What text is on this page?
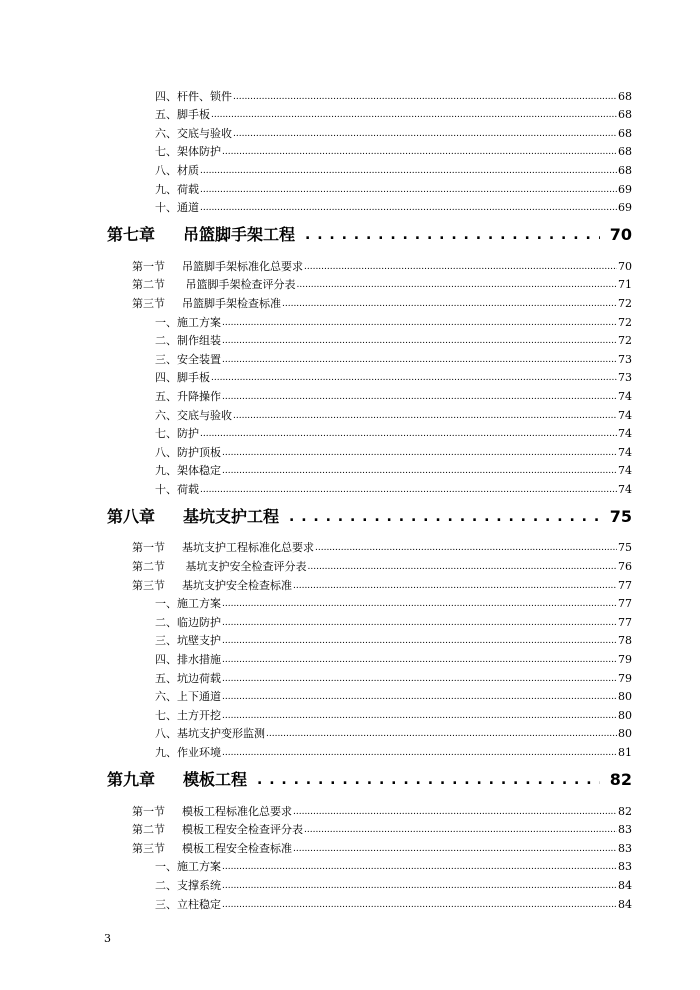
四、杆件、锁件 .....	68
五、脚手板 .....	68
六、交底与验收 .....	68
七、架体防护 .....	68
八、材质 .....	68
九、荷载 .....	69
十、通道 .....	69
第七章 吊篮脚手架工程 . . .	70
第一节 吊篮脚手架标准化总要求 .....	70
第二节 吊篮脚手架检查评分表 .....	71
第三节 吊篮脚手架检查标准 .....	72
一、施工方案 .....	72
二、制作组装 .....	72
三、安全装置 .....	73
四、脚手板 .....	73
五、升降操作 .....	74
六、交底与验收 .....	74
七、防护 .....	74
八、防护顶板 .....	74
九、架体稳定 .....	74
十、荷载 .....	74
第八章 基坑支护工程 . . .	75
第一节 基坑支护工程标准化总要求 .....	75
第二节 基坑支护安全检查评分表 .....	76
第三节 基坑支护安全检查标准 .....	77
一、施工方案 .....	77
二、临边防护 .....	77
三、坑壁支护 .....	78
四、排水措施 .....	79
五、坑边荷载 .....	79
六、上下通道 .....	80
七、土方开挖 .....	80
八、基坑支护变形监测 .....	80
九、作业环境 .....	81
第九章 模板工程 . . .	82
第一节 模板工程标准化总要求 .....	82
第二节 模板工程安全检查评分表 .....	83
第三节 模板工程安全检查标准 .....	83
一、施工方案 .....	83
二、支撑系统 .....	84
三、立柱稳定 .....	84
3
